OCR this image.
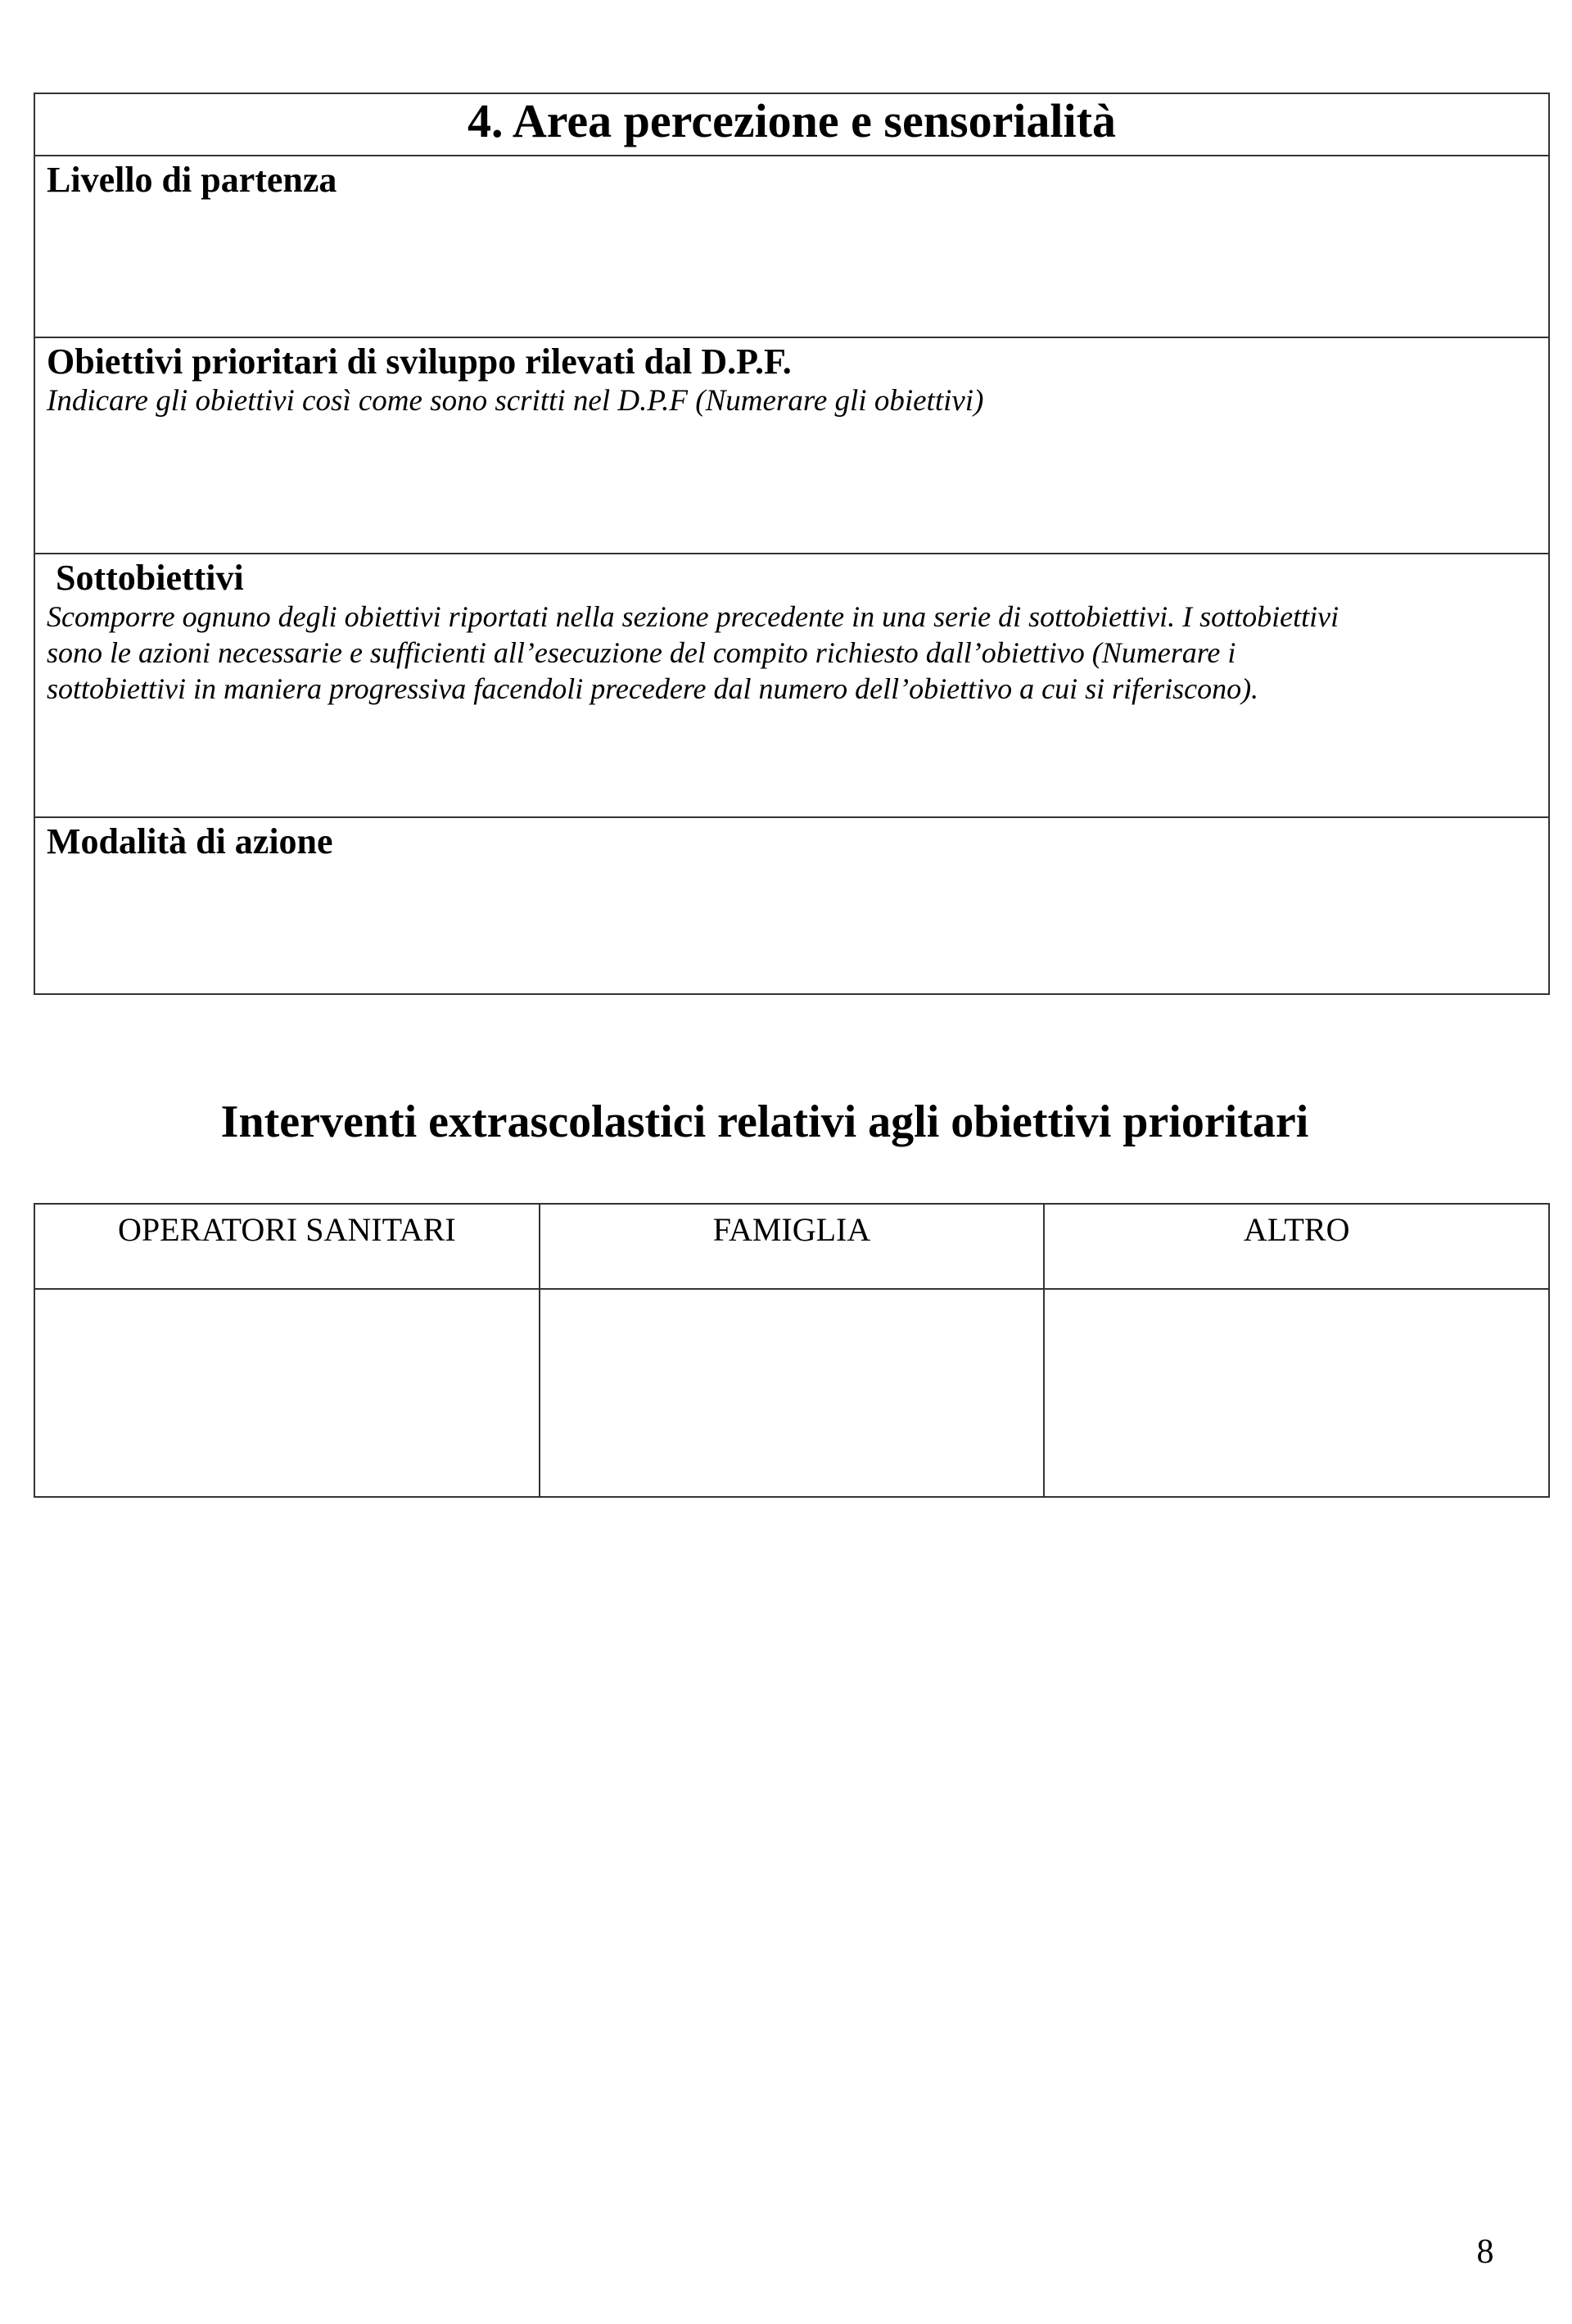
4. Area percezione e sensorialità

Livello di partenza

Obiettivi prioritari di sviluppo rilevati dal D.P.F.
Indicare gli obiettivi così come sono scritti nel D.P.F (Numerare gli obiettivi)

Sottobiettivi
Scomporre ognuno degli obiettivi riportati nella sezione precedente in una serie di sottobiettivi. I sottobiettivi
sono le azioni necessarie e sufficienti all’esecuzione del compito richiesto dall’obiettivo (Numerare i
sottobiettivi in maniera progressiva facendoli precedere dal numero dell’obiettivo a cui si riferiscono).

Modalità di azione
Interventi extrascolastici relativi agli obiettivi prioritari
OPERATORI SANITARI	FAMIGLIA	ALTRO

8
